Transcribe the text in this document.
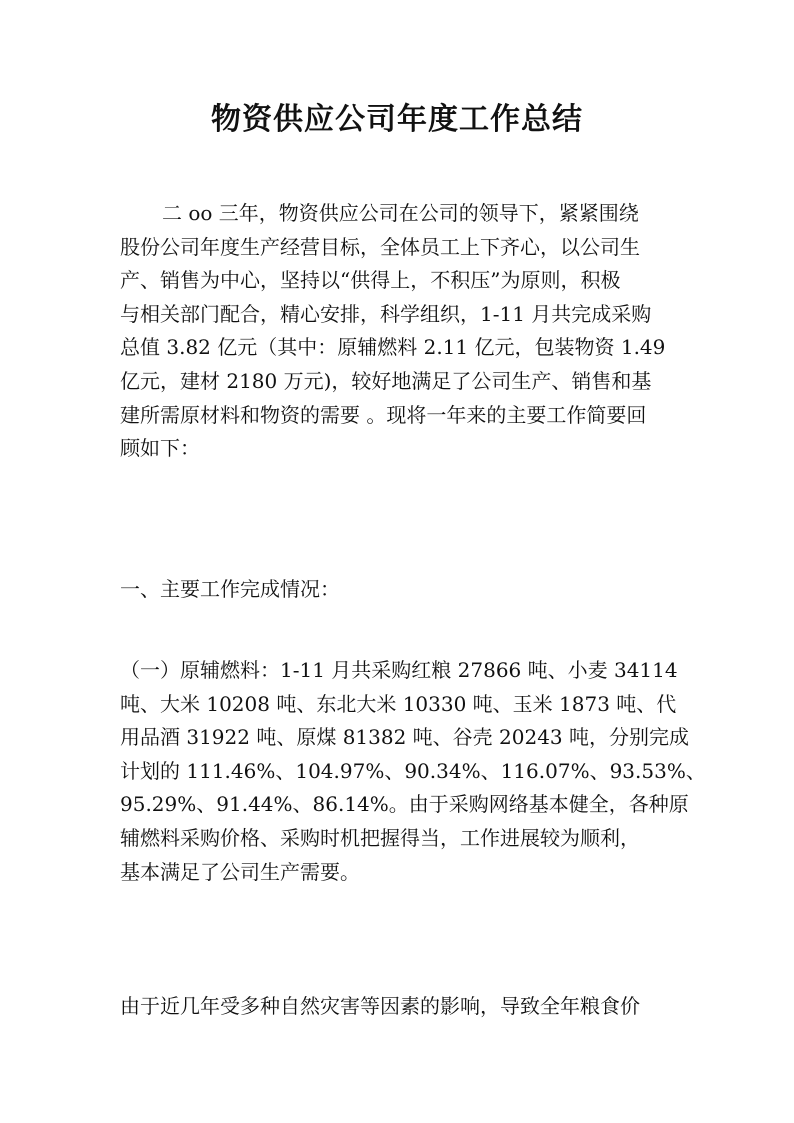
物资供应公司年度工作总结
二 oo 三年，物资供应公司在公司的领导下，紧紧围绕
股份公司年度生产经营目标，全体员工上下齐心，以公司生
产、销售为中心，坚持以“供得上，不积压”为原则，积极
与相关部门配合，精心安排，科学组织，1-11 月共完成采购
总值 3.82 亿元（其中：原辅燃料 2.11 亿元，包装物资 1.49
亿元，建材 2180 万元)，较好地满足了公司生产、销售和基
建所需原材料和物资的需要 。现将一年来的主要工作简要回
顾如下：
一、主要工作完成情况：
（一）原辅燃料：1-11 月共采购红粮 27866 吨、小麦 34114
吨、大米 10208 吨、东北大米 10330 吨、玉米 1873 吨、代
用品酒 31922 吨、原煤 81382 吨、谷壳 20243 吨，分别完成
计划的 111.46%、104.97%、90.34%、116.07%、93.53%、
95.29%、91.44%、86.14%。由于采购网络基本健全，各种原
辅燃料采购价格、采购时机把握得当，工作进展较为顺利，
基本满足了公司生产需要。
由于近几年受多种自然灾害等因素的影响，导致全年粮食价
